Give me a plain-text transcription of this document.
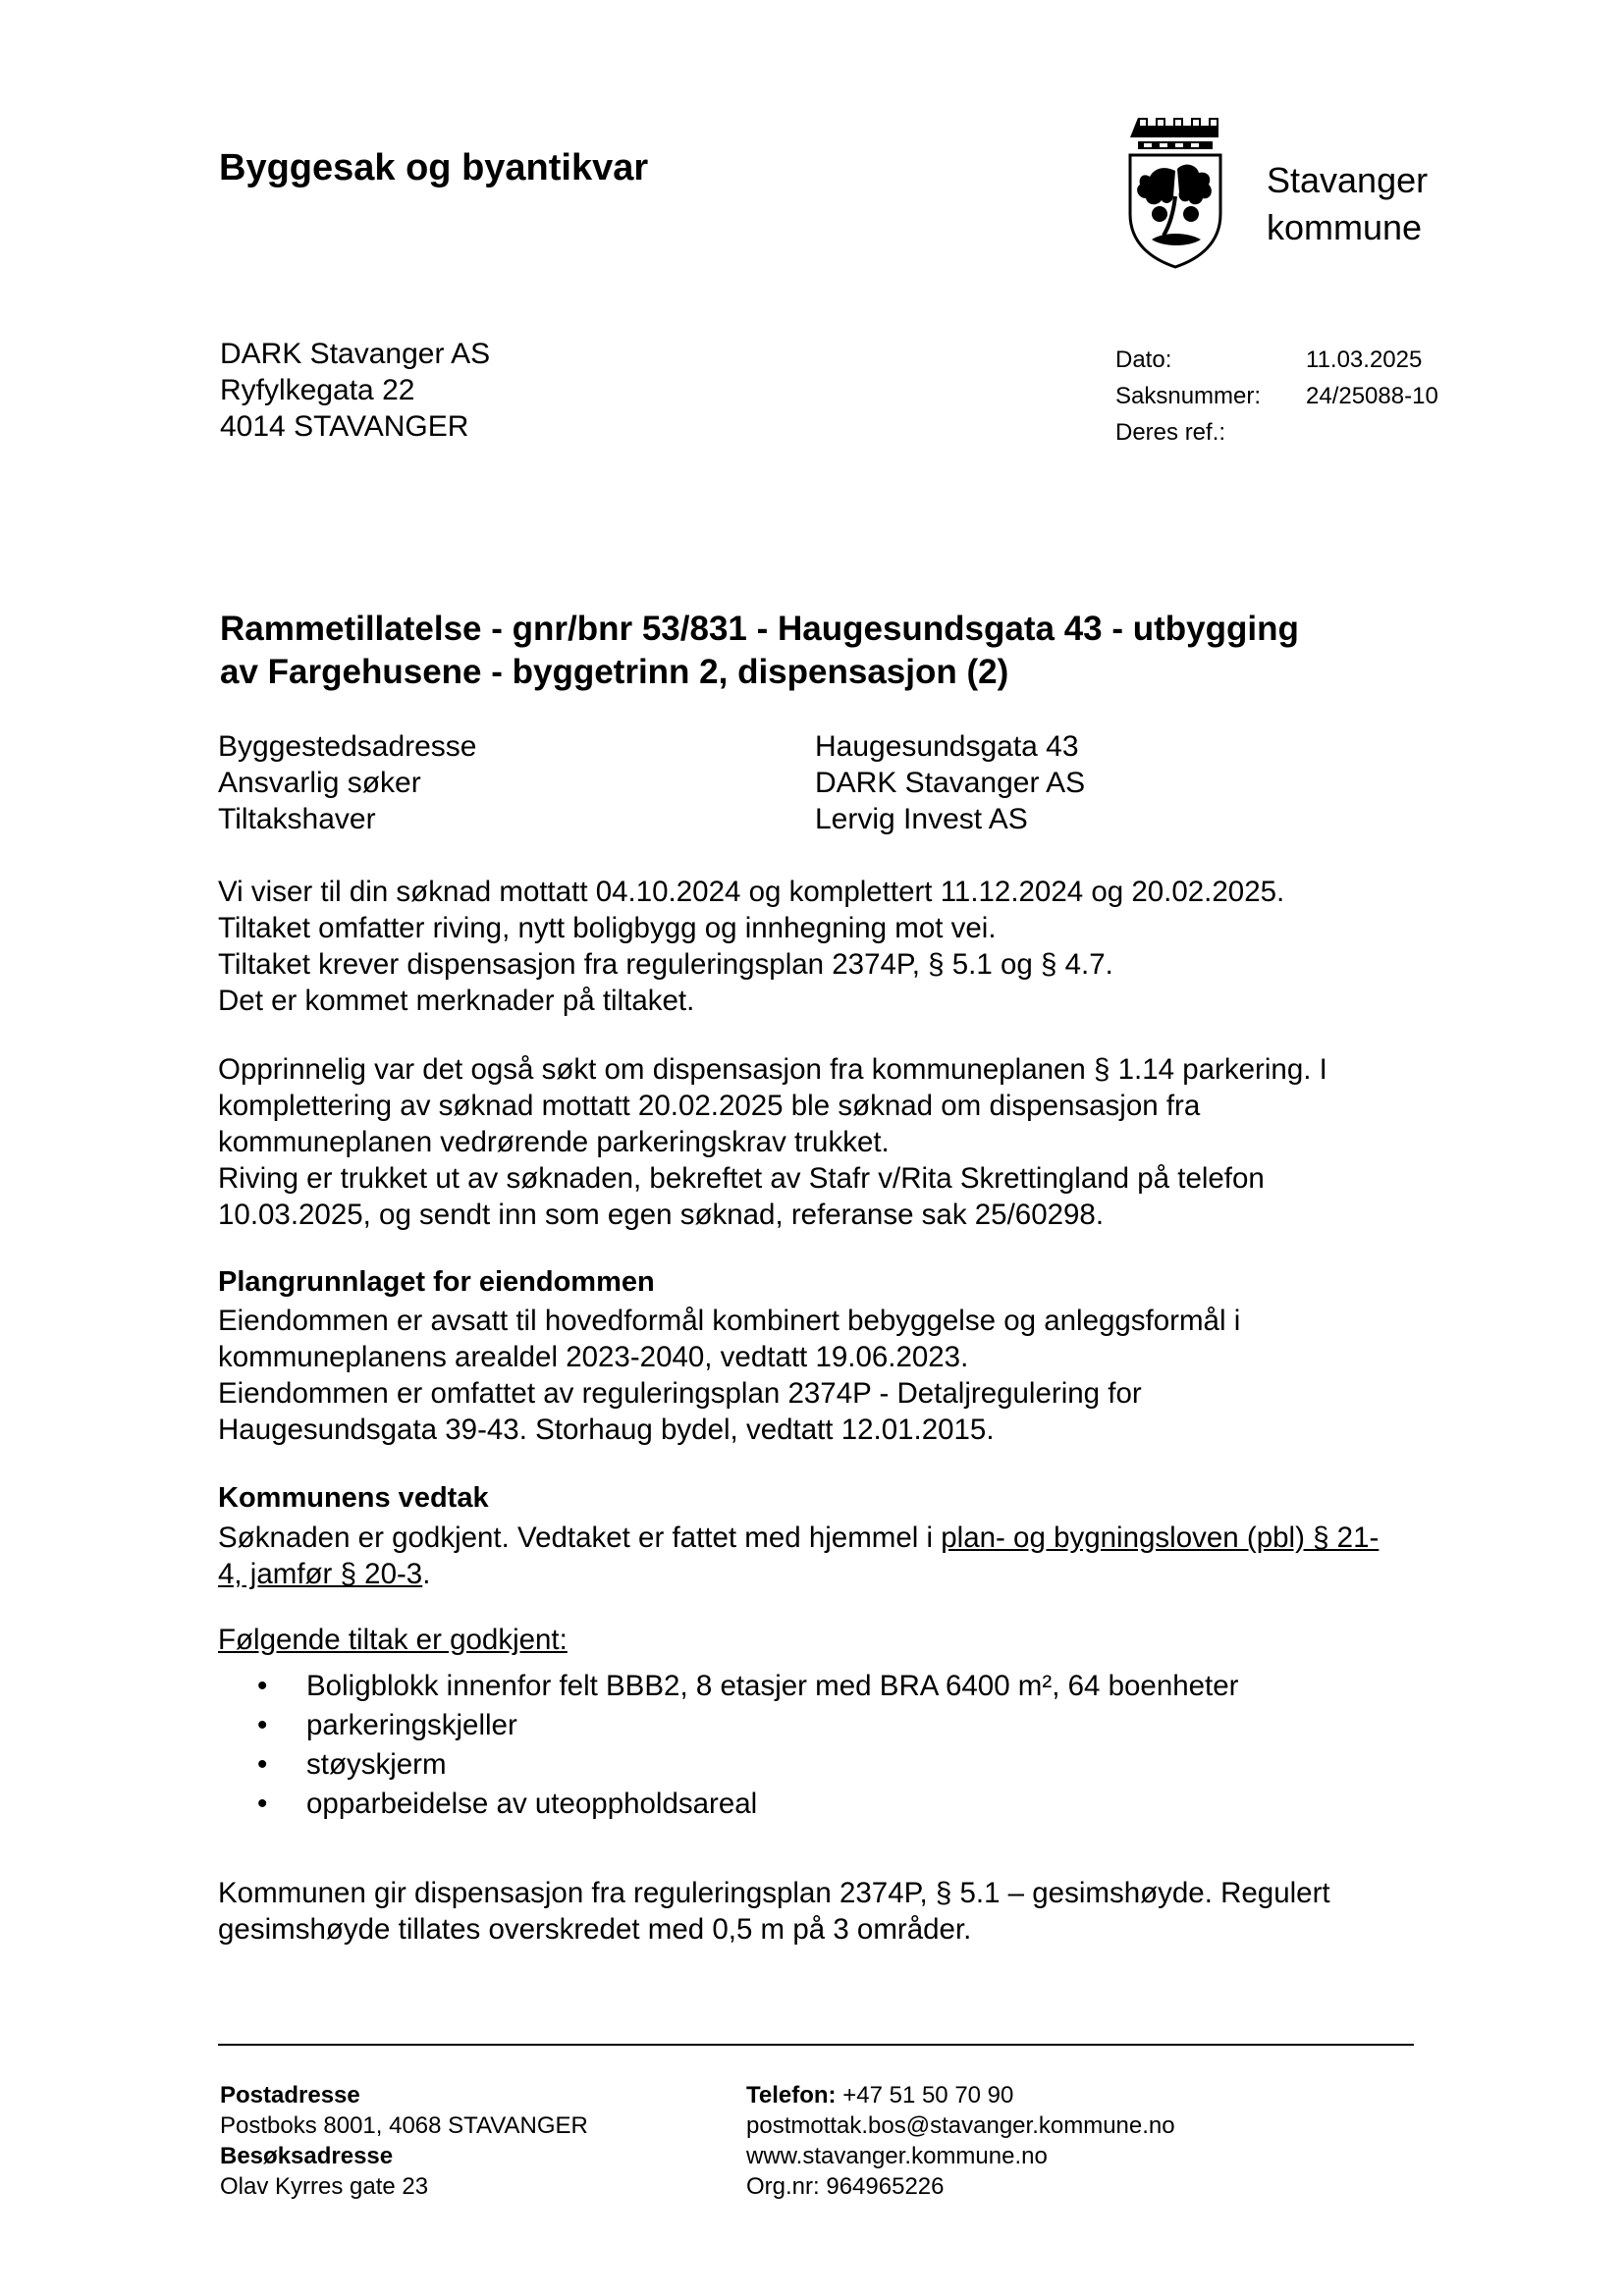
Byggesak og byantikvar	Stavanger
kommune
DARK Stavanger AS
Ryfylkegata 22
4014 STAVANGER
Dato:	11.03.2025
Saksnummer: 24/25088-10
Deres ref.:
Rammetillatelse - gnr/bnr 53/831 - Haugesundsgata 43 - utbygging
av Fargehusene - byggetrinn 2, dispensasjon (2)
Byggestedsadresse	Haugesundsgata 43
Ansvarlig søker	DARK Stavanger AS
Tiltakshaver	Lervig Invest AS
Vi viser til din søknad mottatt 04.10.2024 og komplettert 11.12.2024 og 20.02.2025.
Tiltaket omfatter riving, nytt boligbygg og innhegning mot vei.
Tiltaket krever dispensasjon fra reguleringsplan 2374P, § 5.1 og § 4.7.
Det er kommet merknader på tiltaket.
Opprinnelig var det også søkt om dispensasjon fra kommuneplanen § 1.14 parkering. I
komplettering av søknad mottatt 20.02.2025 ble søknad om dispensasjon fra
kommuneplanen vedrørende parkeringskrav trukket.
Riving er trukket ut av søknaden, bekreftet av Stafr v/Rita Skrettingland på telefon
10.03.2025, og sendt inn som egen søknad, referanse sak 25/60298.
Plangrunnlaget for eiendommen
Eiendommen er avsatt til hovedformål kombinert bebyggelse og anleggsformål i
kommuneplanens arealdel 2023-2040, vedtatt 19.06.2023.
Eiendommen er omfattet av reguleringsplan 2374P - Detaljregulering for
Haugesundsgata 39-43. Storhaug bydel, vedtatt 12.01.2015.
Kommunens vedtak
Søknaden er godkjent. Vedtaket er fattet med hjemmel i plan- og bygningsloven (pbl) § 21-
4, jamfør § 20-3.
Følgende tiltak er godkjent:
• Boligblokk innenfor felt BBB2, 8 etasjer med BRA 6400 m², 64 boenheter
• parkeringskjeller
• støyskjerm
• opparbeidelse av uteoppholdsareal
Kommunen gir dispensasjon fra reguleringsplan 2374P, § 5.1 – gesimshøyde. Regulert
gesimshøyde tillates overskredet med 0,5 m på 3 områder.
Postadresse
Postboks 8001, 4068 STAVANGER
Besøksadresse
Olav Kyrres gate 23
Telefon: +47 51 50 70 90
postmottak.bos@stavanger.kommune.no
www.stavanger.kommune.no
Org.nr: 964965226
